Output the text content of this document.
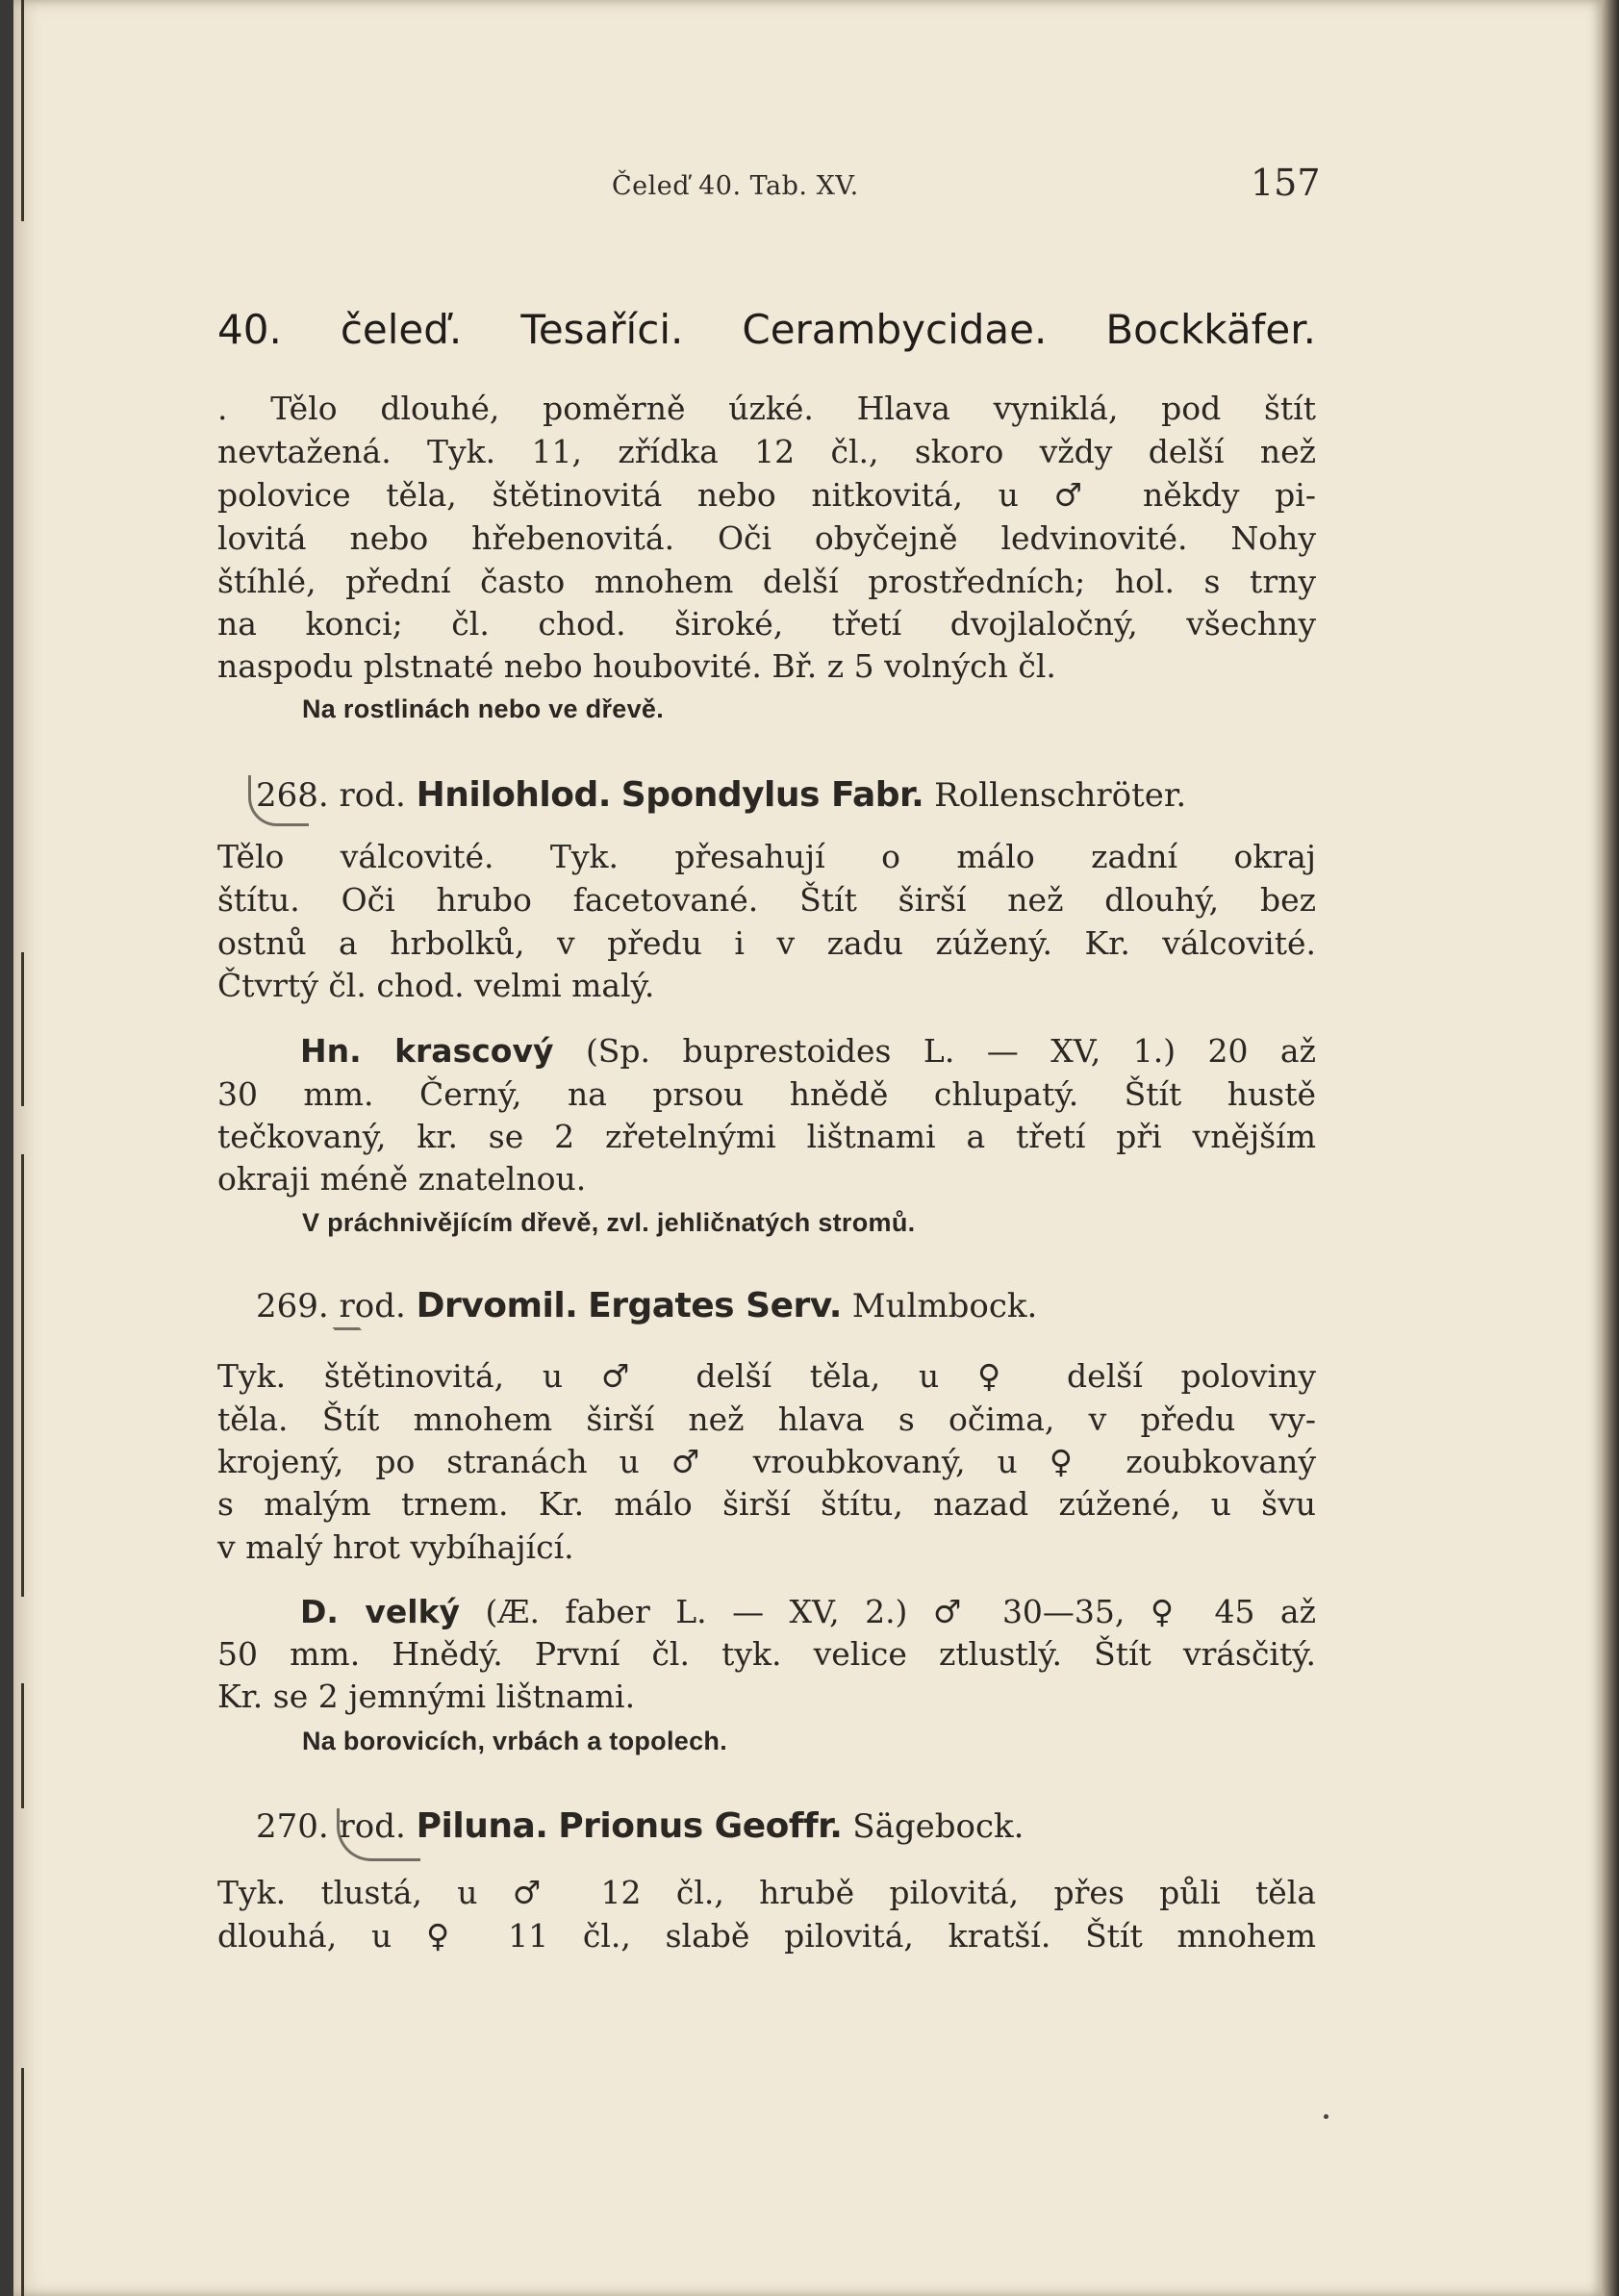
Čeleď 40. Tab. XV.	157
40. čeleď. Tesaříci. Cerambycidae. Bockkäfer.
. Tělo dlouhé, poměrně úzké. Hlava vyniklá, pod štít
nevtažená. Tyk. 11, zřídka 12 čl., skoro vždy delší než
polovice těla, štětinovitá nebo nitkovitá, u ♂ někdy pi-
lovitá nebo hřebenovitá. Oči obyčejně ledvinovité. Nohy
štíhlé, přední často mnohem delší prostředních; hol. s trny
na konci; čl. chod. široké, třetí dvojlaločný, všechny
naspodu plstnaté nebo houbovité. Bř. z 5 volných čl.
Na rostlinách nebo ve dřevě.
268. rod. Hnilohlod. Spondylus Fabr. Rollenschröter.
Tělo válcovité. Tyk. přesahují o málo zadní okraj
štítu. Oči hrubo facetované. Štít širší než dlouhý, bez
ostnů a hrbolků, v předu i v zadu zúžený. Kr. válcovité.
Čtvrtý čl. chod. velmi malý.
Hn. krascový (Sp. buprestoides L. — XV, 1.) 20 až
30 mm. Černý, na prsou hnědě chlupatý. Štít hustě
tečkovaný, kr. se 2 zřetelnými lištnami a třetí při vnějším
okraji méně znatelnou.
V práchnivějícím dřevě, zvl. jehličnatých stromů.
269. rod. Drvomil. Ergates Serv. Mulmbock.
Tyk. štětinovitá, u ♂ delší těla, u ♀ delší poloviny
těla. Štít mnohem širší než hlava s očima, v předu vy-
krojený, po stranách u ♂ vroubkovaný, u ♀ zoubkovaný
s malým trnem. Kr. málo širší štítu, nazad zúžené, u švu
v malý hrot vybíhající.
D. velký (Æ. faber L. — XV, 2.) ♂ 30—35, ♀ 45 až
50 mm. Hnědý. První čl. tyk. velice ztlustlý. Štít vrásčitý.
Kr. se 2 jemnými lištnami.
Na borovicích, vrbách a topolech.
270. rod. Piluna. Prionus Geoffr. Sägebock.
Tyk. tlustá, u ♂ 12 čl., hrubě pilovitá, přes půli těla
dlouhá, u ♀ 11 čl., slabě pilovitá, kratší. Štít mnohem
